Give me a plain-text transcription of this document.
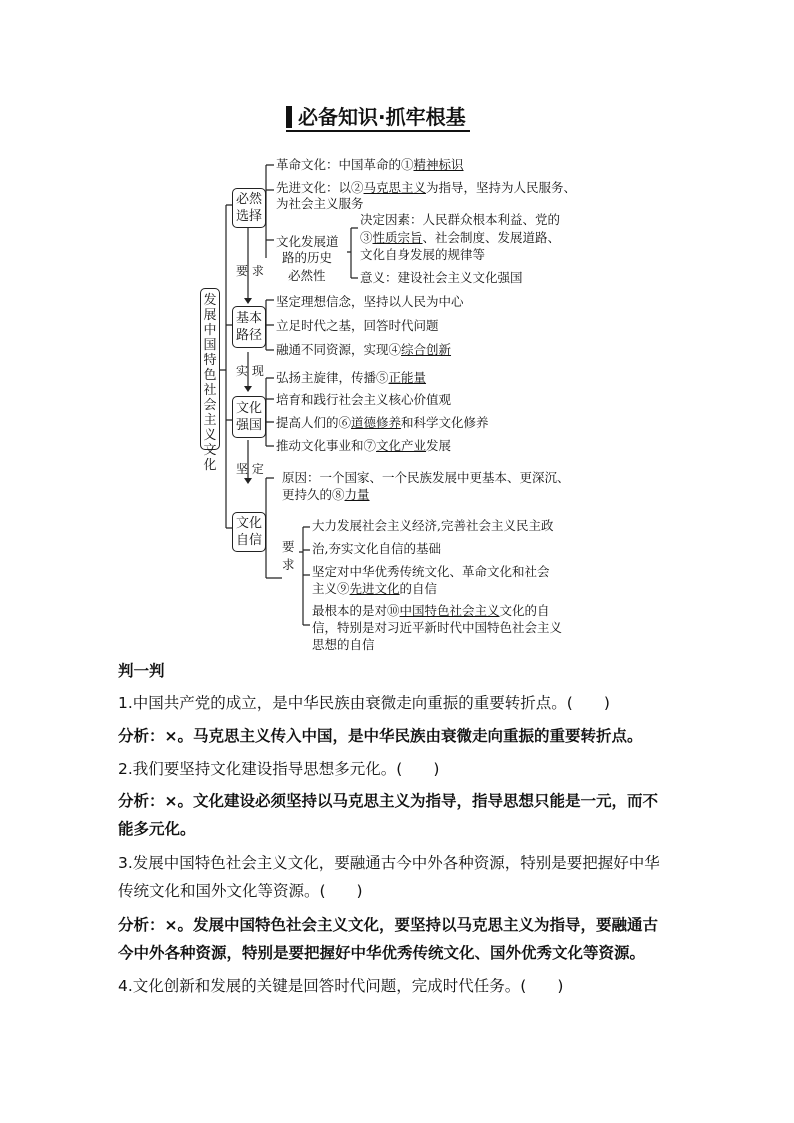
必备知识·抓牢根基
发展中国特色社会主义文化
必然选择
基本路径
文化强国
文化自信
要 求
实 现
坚 定
革命文化：中国革命的①精神标识
先进文化：以②马克思主义为指导，坚持为人民服务、
为社会主义服务
文化发展道
路的历史
必然性
决定因素：人民群众根本利益、党的
③性质宗旨、社会制度、发展道路、
文化自身发展的规律等
意义：建设社会主义文化强国
坚定理想信念，坚持以人民为中心
立足时代之基，回答时代问题
融通不同资源，实现④综合创新
弘扬主旋律，传播⑤正能量
培育和践行社会主义核心价值观
提高人们的⑥道德修养和科学文化修养
推动文化事业和⑦文化产业发展
原因：一个国家、一个民族发展中更基本、更深沉、
更持久的⑧力量
要求
大力发展社会主义经济,完善社会主义民主政
治,夯实文化自信的基础
坚定对中华优秀传统文化、革命文化和社会
主义⑨先进文化的自信
最根本的是对⑩中国特色社会主义文化的自
信，特别是对习近平新时代中国特色社会主义
思想的自信
判一判
1.中国共产党的成立，是中华民族由衰微走向重振的重要转折点。(　　)
分析：×。马克思主义传入中国，是中华民族由衰微走向重振的重要转折点。
2.我们要坚持文化建设指导思想多元化。(　　)
分析：×。文化建设必须坚持以马克思主义为指导，指导思想只能是一元，而不
能多元化。
3.发展中国特色社会主义文化，要融通古今中外各种资源，特别是要把握好中华
传统文化和国外文化等资源。(　　)
分析：×。发展中国特色社会主义文化，要坚持以马克思主义为指导，要融通古
今中外各种资源，特别是要把握好中华优秀传统文化、国外优秀文化等资源。
4.文化创新和发展的关键是回答时代问题，完成时代任务。(　　)
